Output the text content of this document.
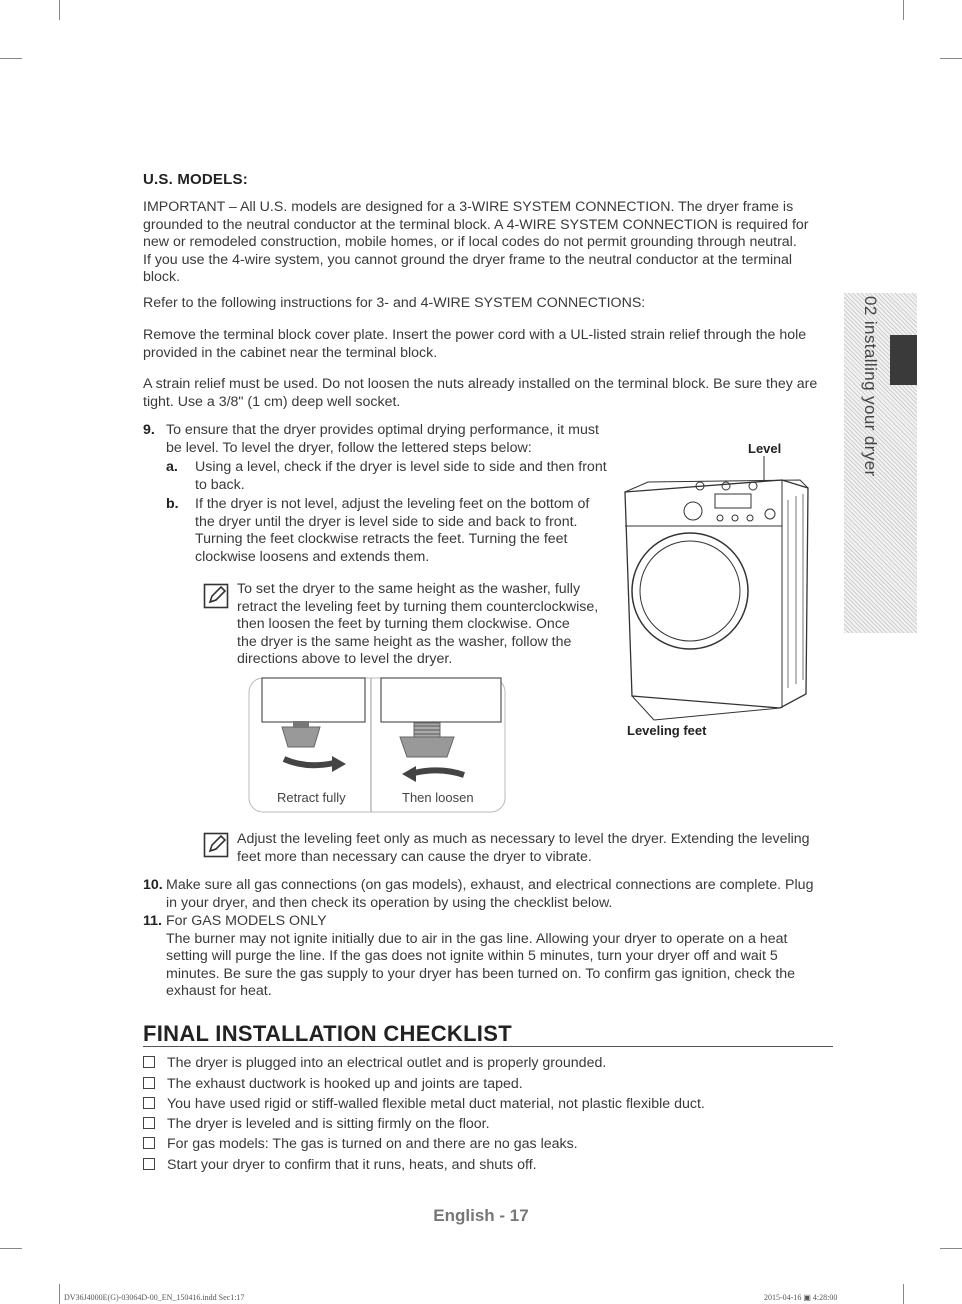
U.S. MODELS:
IMPORTANT – All U.S. models are designed for a 3-WIRE SYSTEM CONNECTION. The dryer frame is
grounded to the neutral conductor at the terminal block. A 4-WIRE SYSTEM CONNECTION is required for
new or remodeled construction, mobile homes, or if local codes do not permit grounding through neutral.
If you use the 4-wire system, you cannot ground the dryer frame to the neutral conductor at the terminal
block.
Refer to the following instructions for 3- and 4-WIRE SYSTEM CONNECTIONS:
Remove the terminal block cover plate. Insert the power cord with a UL-listed strain relief through the hole
provided in the cabinet near the terminal block.
A strain relief must be used. Do not loosen the nuts already installed on the terminal block. Be sure they are
tight. Use a 3/8" (1 cm) deep well socket.
9. To ensure that the dryer provides optimal drying performance, it must
be level. To level the dryer, follow the lettered steps below:
a. Using a level, check if the dryer is level side to side and then front
to back.
b. If the dryer is not level, adjust the leveling feet on the bottom of
the dryer until the dryer is level side to side and back to front.
Turning the feet clockwise retracts the feet. Turning the feet
clockwise loosens and extends them.
To set the dryer to the same height as the washer, fully
retract the leveling feet by turning them counterclockwise,
then loosen the feet by turning them clockwise. Once
the dryer is the same height as the washer, follow the
directions above to level the dryer.
Retract fully	Then loosen
Level
Leveling feet
Adjust the leveling feet only as much as necessary to level the dryer. Extending the leveling
feet more than necessary can cause the dryer to vibrate.
10. Make sure all gas connections (on gas models), exhaust, and electrical connections are complete. Plug
in your dryer, and then check its operation by using the checklist below.
11. For GAS MODELS ONLY
The burner may not ignite initially due to air in the gas line. Allowing your dryer to operate on a heat
setting will purge the line. If the gas does not ignite within 5 minutes, turn your dryer off and wait 5
minutes. Be sure the gas supply to your dryer has been turned on. To confirm gas ignition, check the
exhaust for heat.
FINAL INSTALLATION CHECKLIST
The dryer is plugged into an electrical outlet and is properly grounded.
The exhaust ductwork is hooked up and joints are taped.
You have used rigid or stiff-walled flexible metal duct material, not plastic flexible duct.
The dryer is leveled and is sitting firmly on the floor.
For gas models: The gas is turned on and there are no gas leaks.
Start your dryer to confirm that it runs, heats, and shuts off.
02 installing your dryer
English - 17
DV36J4000E(G)-03064D-00_EN_150416.indd Sec1:17	2015-04-16 ▣ 4:28:00
